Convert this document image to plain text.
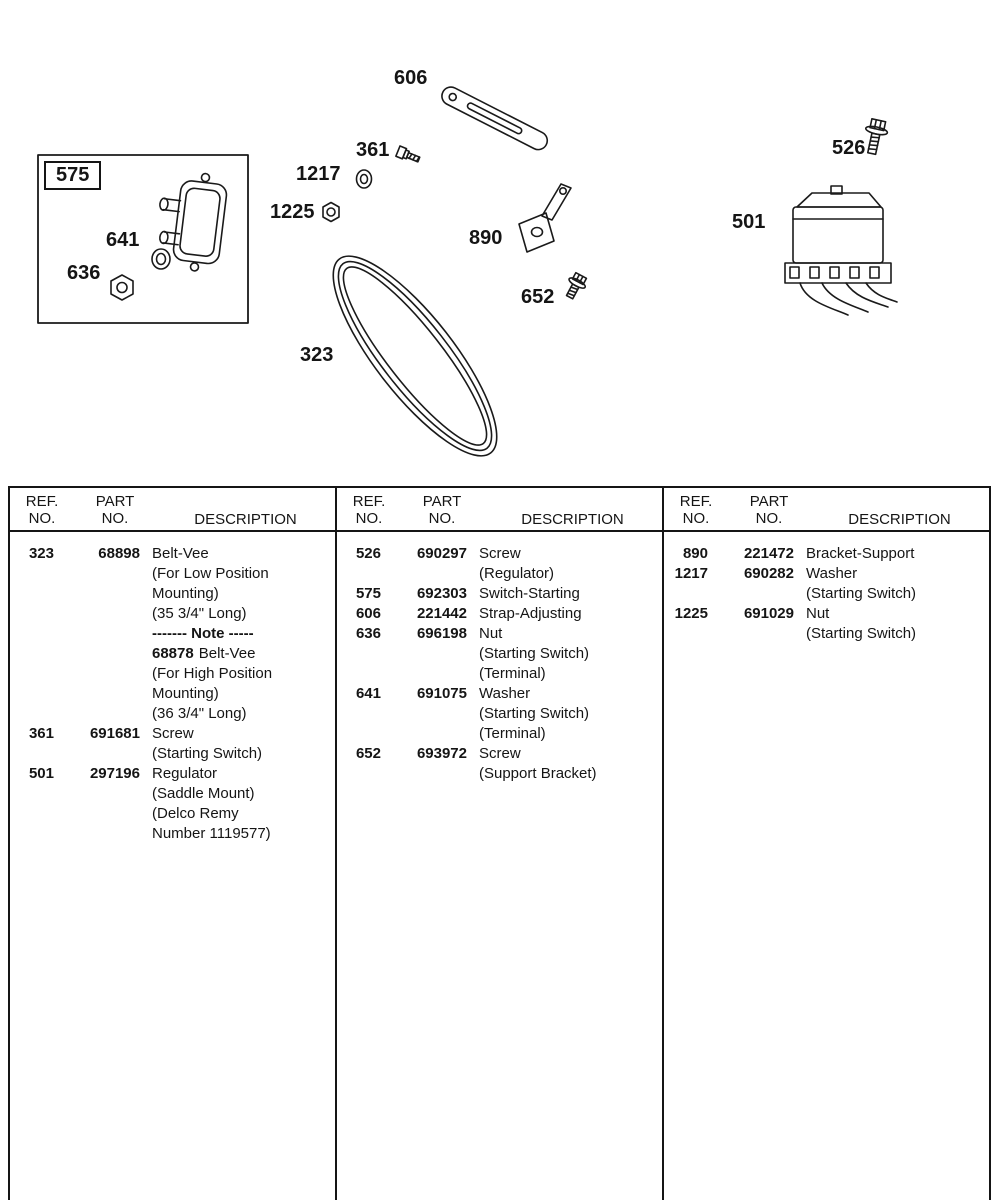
606
361
1217
1225
575
641
636
890
652
323
526
501
REF.
NO.
PART
NO.	DESCRIPTION
323	68898 Belt-Vee
(For Low Position
Mounting)
(35 3/4" Long)
------- Note -----
68878 Belt-Vee
(For High Position
Mounting)
(36 3/4" Long)
361	691681 Screw
(Starting Switch)
501	297196 Regulator
(Saddle Mount)
(Delco Remy
Number 1119577)
REF.
NO.
PART
NO.	DESCRIPTION
526	690297 Screw
(Regulator)
575	692303 Switch-Starting
606	221442 Strap-Adjusting
636	696198 Nut
(Starting Switch)
(Terminal)
641	691075 Washer
(Starting Switch)
(Terminal)
652	693972 Screw
(Support Bracket)
REF.
NO.
PART
NO.	DESCRIPTION
890	221472 Bracket-Support
1217	690282 Washer
(Starting Switch)
1225	691029 Nut
(Starting Switch)
